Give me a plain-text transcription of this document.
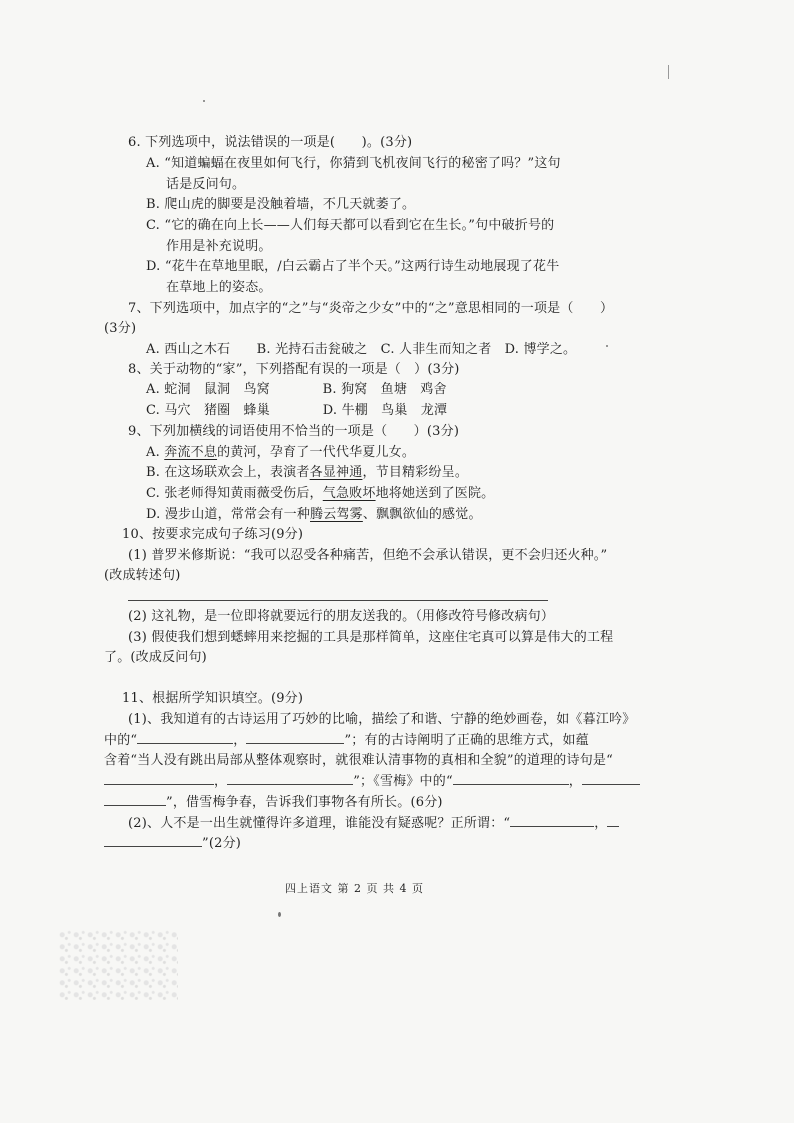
6. 下列选项中，说法错误的一项是(　　)。(3分)
A. “知道蝙蝠在夜里如何飞行，你猜到飞机夜间飞行的秘密了吗？”这句
话是反问句。
B. 爬山虎的脚要是没触着墙，不几天就萎了。
C. “它的确在向上长——人们每天都可以看到它在生长。”句中破折号的
作用是补充说明。
D. “花牛在草地里眠，/白云霸占了半个天。”这两行诗生动地展现了花牛
在草地上的姿态。
7、下列选项中，加点字的“之”与“炎帝之少女”中的“之”意思相同的一项是（　　）
(3分)
A. 西山之木石　　B. 光持石击瓮破之　C. 人非生而知之者　D. 博学之。
8、关于动物的“家”，下列搭配有误的一项是（　）(3分)
A. 蛇洞　鼠洞　鸟窝　　　　B. 狗窝　鱼塘　鸡舍
C. 马穴　猪圈　蜂巢　　　　D. 牛棚　鸟巢　龙潭
9、下列加横线的词语使用不恰当的一项是（　　）(3分)
A. 奔流不息的黄河，孕育了一代代华夏儿女。
B. 在这场联欢会上，表演者各显神通，节目精彩纷呈。
C. 张老师得知黄雨薇受伤后，气急败坏地将她送到了医院。
D. 漫步山道，常常会有一种腾云驾雾、飘飘欲仙的感觉。
10、按要求完成句子练习(9分)
(1) 普罗米修斯说：“我可以忍受各种痛苦，但绝不会承认错误，更不会归还火种。”
(改成转述句)
(2) 这礼物，是一位即将就要远行的朋友送我的。（用修改符号修改病句）
(3) 假使我们想到蟋蟀用来挖掘的工具是那样简单，这座住宅真可以算是伟大的工程
了。(改成反问句)
11、根据所学知识填空。(9分)
(1)、我知道有的古诗运用了巧妙的比喻，描绘了和谐、宁静的绝妙画卷，如《暮江吟》
中的“	，	”；有的古诗阐明了正确的思维方式，如蕴
含着“当人没有跳出局部从整体观察时，就很难认清事物的真相和全貌”的道理的诗句是“
，	”；《雪梅》中的“	，
”，借雪梅争春，告诉我们事物各有所长。(6分)
(2)、人不是一出生就懂得许多道理，谁能没有疑惑呢？正所谓：“	，
”(2分)
四上语文 第 2 页 共 4 页
